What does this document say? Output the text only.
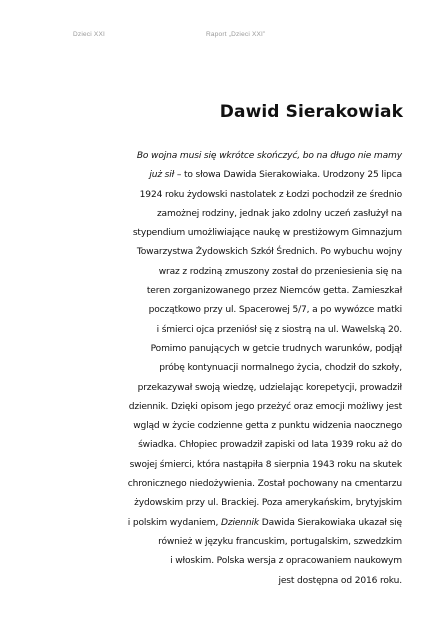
Dzieci XXI	Raport „Dzieci XXI”
Dawid Sierakowiak
Bo wojna musi się wkrótce skończyć, bo na długo nie mamy
już sił – to słowa Dawida Sierakowiaka. Urodzony 25 lipca
1924 roku żydowski nastolatek z Łodzi pochodził ze średnio
zamożnej rodziny, jednak jako zdolny uczeń zasłużył na
stypendium umożliwiające naukę w prestiżowym Gimnazjum
Towarzystwa Żydowskich Szkół Średnich. Po wybuchu wojny
wraz z rodziną zmuszony został do przeniesienia się na
teren zorganizowanego przez Niemców getta. Zamieszkał
początkowo przy ul. Spacerowej 5/7, a po wywózce matki
i śmierci ojca przeniósł się z siostrą na ul. Wawelską 20.
Pomimo panujących w getcie trudnych warunków, podjął
próbę kontynuacji normalnego życia, chodził do szkoły,
przekazywał swoją wiedzę, udzielając korepetycji, prowadził
dziennik. Dzięki opisom jego przeżyć oraz emocji możliwy jest
wgląd w życie codzienne getta z punktu widzenia naocznego
świadka. Chłopiec prowadził zapiski od lata 1939 roku aż do
swojej śmierci, która nastąpiła 8 sierpnia 1943 roku na skutek
chronicznego niedożywienia. Został pochowany na cmentarzu
żydowskim przy ul. Brackiej. Poza amerykańskim, brytyjskim
i polskim wydaniem, Dziennik Dawida Sierakowiaka ukazał się
również w języku francuskim, portugalskim, szwedzkim
i włoskim. Polska wersja z opracowaniem naukowym
jest dostępna od 2016 roku.
